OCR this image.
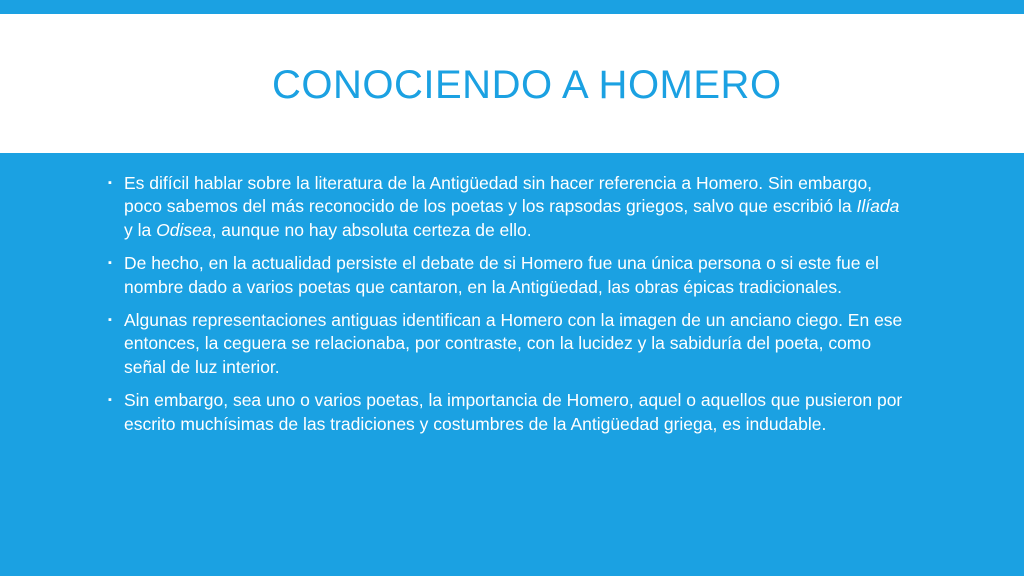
CONOCIENDO A HOMERO
▪ Es difícil hablar sobre la literatura de la Antigüedad sin hacer referencia a Homero. Sin embargo, poco sabemos del más reconocido de los poetas y los rapsodas griegos, salvo que escribió la Ilíada y la Odisea, aunque no hay absoluta certeza de ello.
▪ De hecho, en la actualidad persiste el debate de si Homero fue una única persona o si este fue el nombre dado a varios poetas que cantaron, en la Antigüedad, las obras épicas tradicionales.
▪ Algunas representaciones antiguas identifican a Homero con la imagen de un anciano ciego. En ese entonces, la ceguera se relacionaba, por contraste, con la lucidez y la sabiduría del poeta, como señal de luz interior.
▪ Sin embargo, sea uno o varios poetas, la importancia de Homero, aquel o aquellos que pusieron por escrito muchísimas de las tradiciones y costumbres de la Antigüedad griega, es indudable.
